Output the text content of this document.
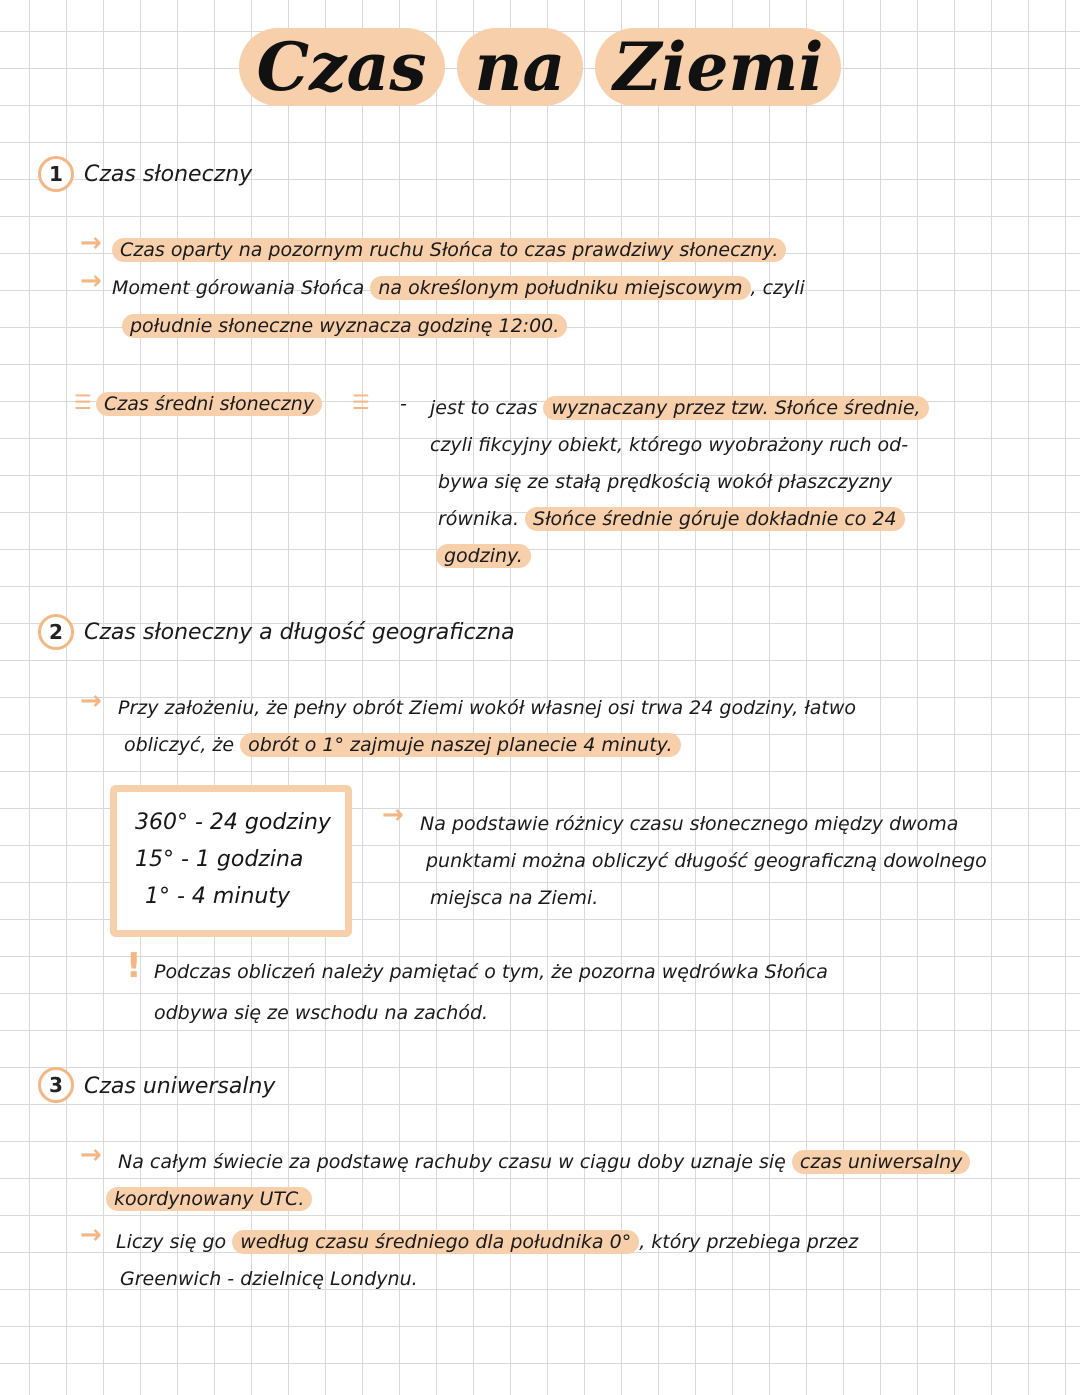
Czas na Ziemi
1 Czas słoneczny
→ Czas oparty na pozornym ruchu Słońca to czas prawdziwy słoneczny.
→ Moment górowania Słońca na określonym południku miejscowym , czyli
południe słoneczne wyznacza godzinę 12:00.
☰ Czas średni słoneczny	☰ - jest to czas wyznaczany przez tzw. Słońce średnie,
czyli fikcyjny obiekt, którego wyobrażony ruch od-
bywa się ze stałą prędkością wokół płaszczyzny
równika. Słońce średnie góruje dokładnie co 24
godziny.
2 Czas słoneczny a długość geograficzna
→ Przy założeniu, że pełny obrót Ziemi wokół własnej osi trwa 24 godziny, łatwo
obliczyć, że obrót o 1° zajmuje naszej planecie 4 minuty.
360° - 24 godziny
15° - 1 godzina
1° - 4 minuty
→ Na podstawie różnicy czasu słonecznego między dwoma
punktami można obliczyć długość geograficzną dowolnego
miejsca na Ziemi.
! Podczas obliczeń należy pamiętać o tym, że pozorna wędrówka Słońca
odbywa się ze wschodu na zachód.
3 Czas uniwersalny
→ Na całym świecie za podstawę rachuby czasu w ciągu doby uznaje się czas uniwersalny
koordynowany UTC.
→ Liczy się go według czasu średniego dla południka 0° , który przebiega przez
Greenwich - dzielnicę Londynu.
